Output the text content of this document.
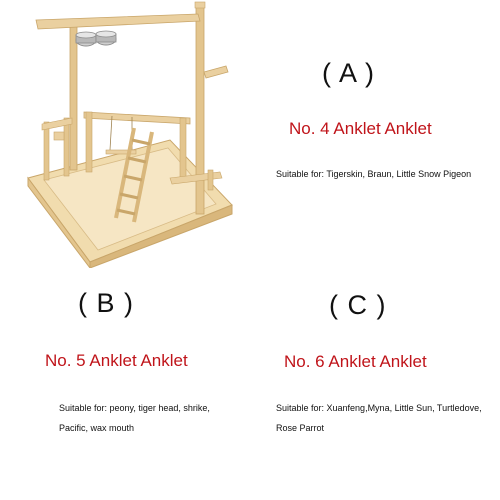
( A )
No. 4 Anklet Anklet
Suitable for: Tigerskin, Braun, Little Snow Pigeon
( B )
No. 5 Anklet Anklet
Suitable for: peony, tiger head, shrike, Pacific, wax mouth
( C )
No. 6 Anklet Anklet
Suitable for: Xuanfeng,Myna, Little Sun, Turtledove, Rose Parrot
